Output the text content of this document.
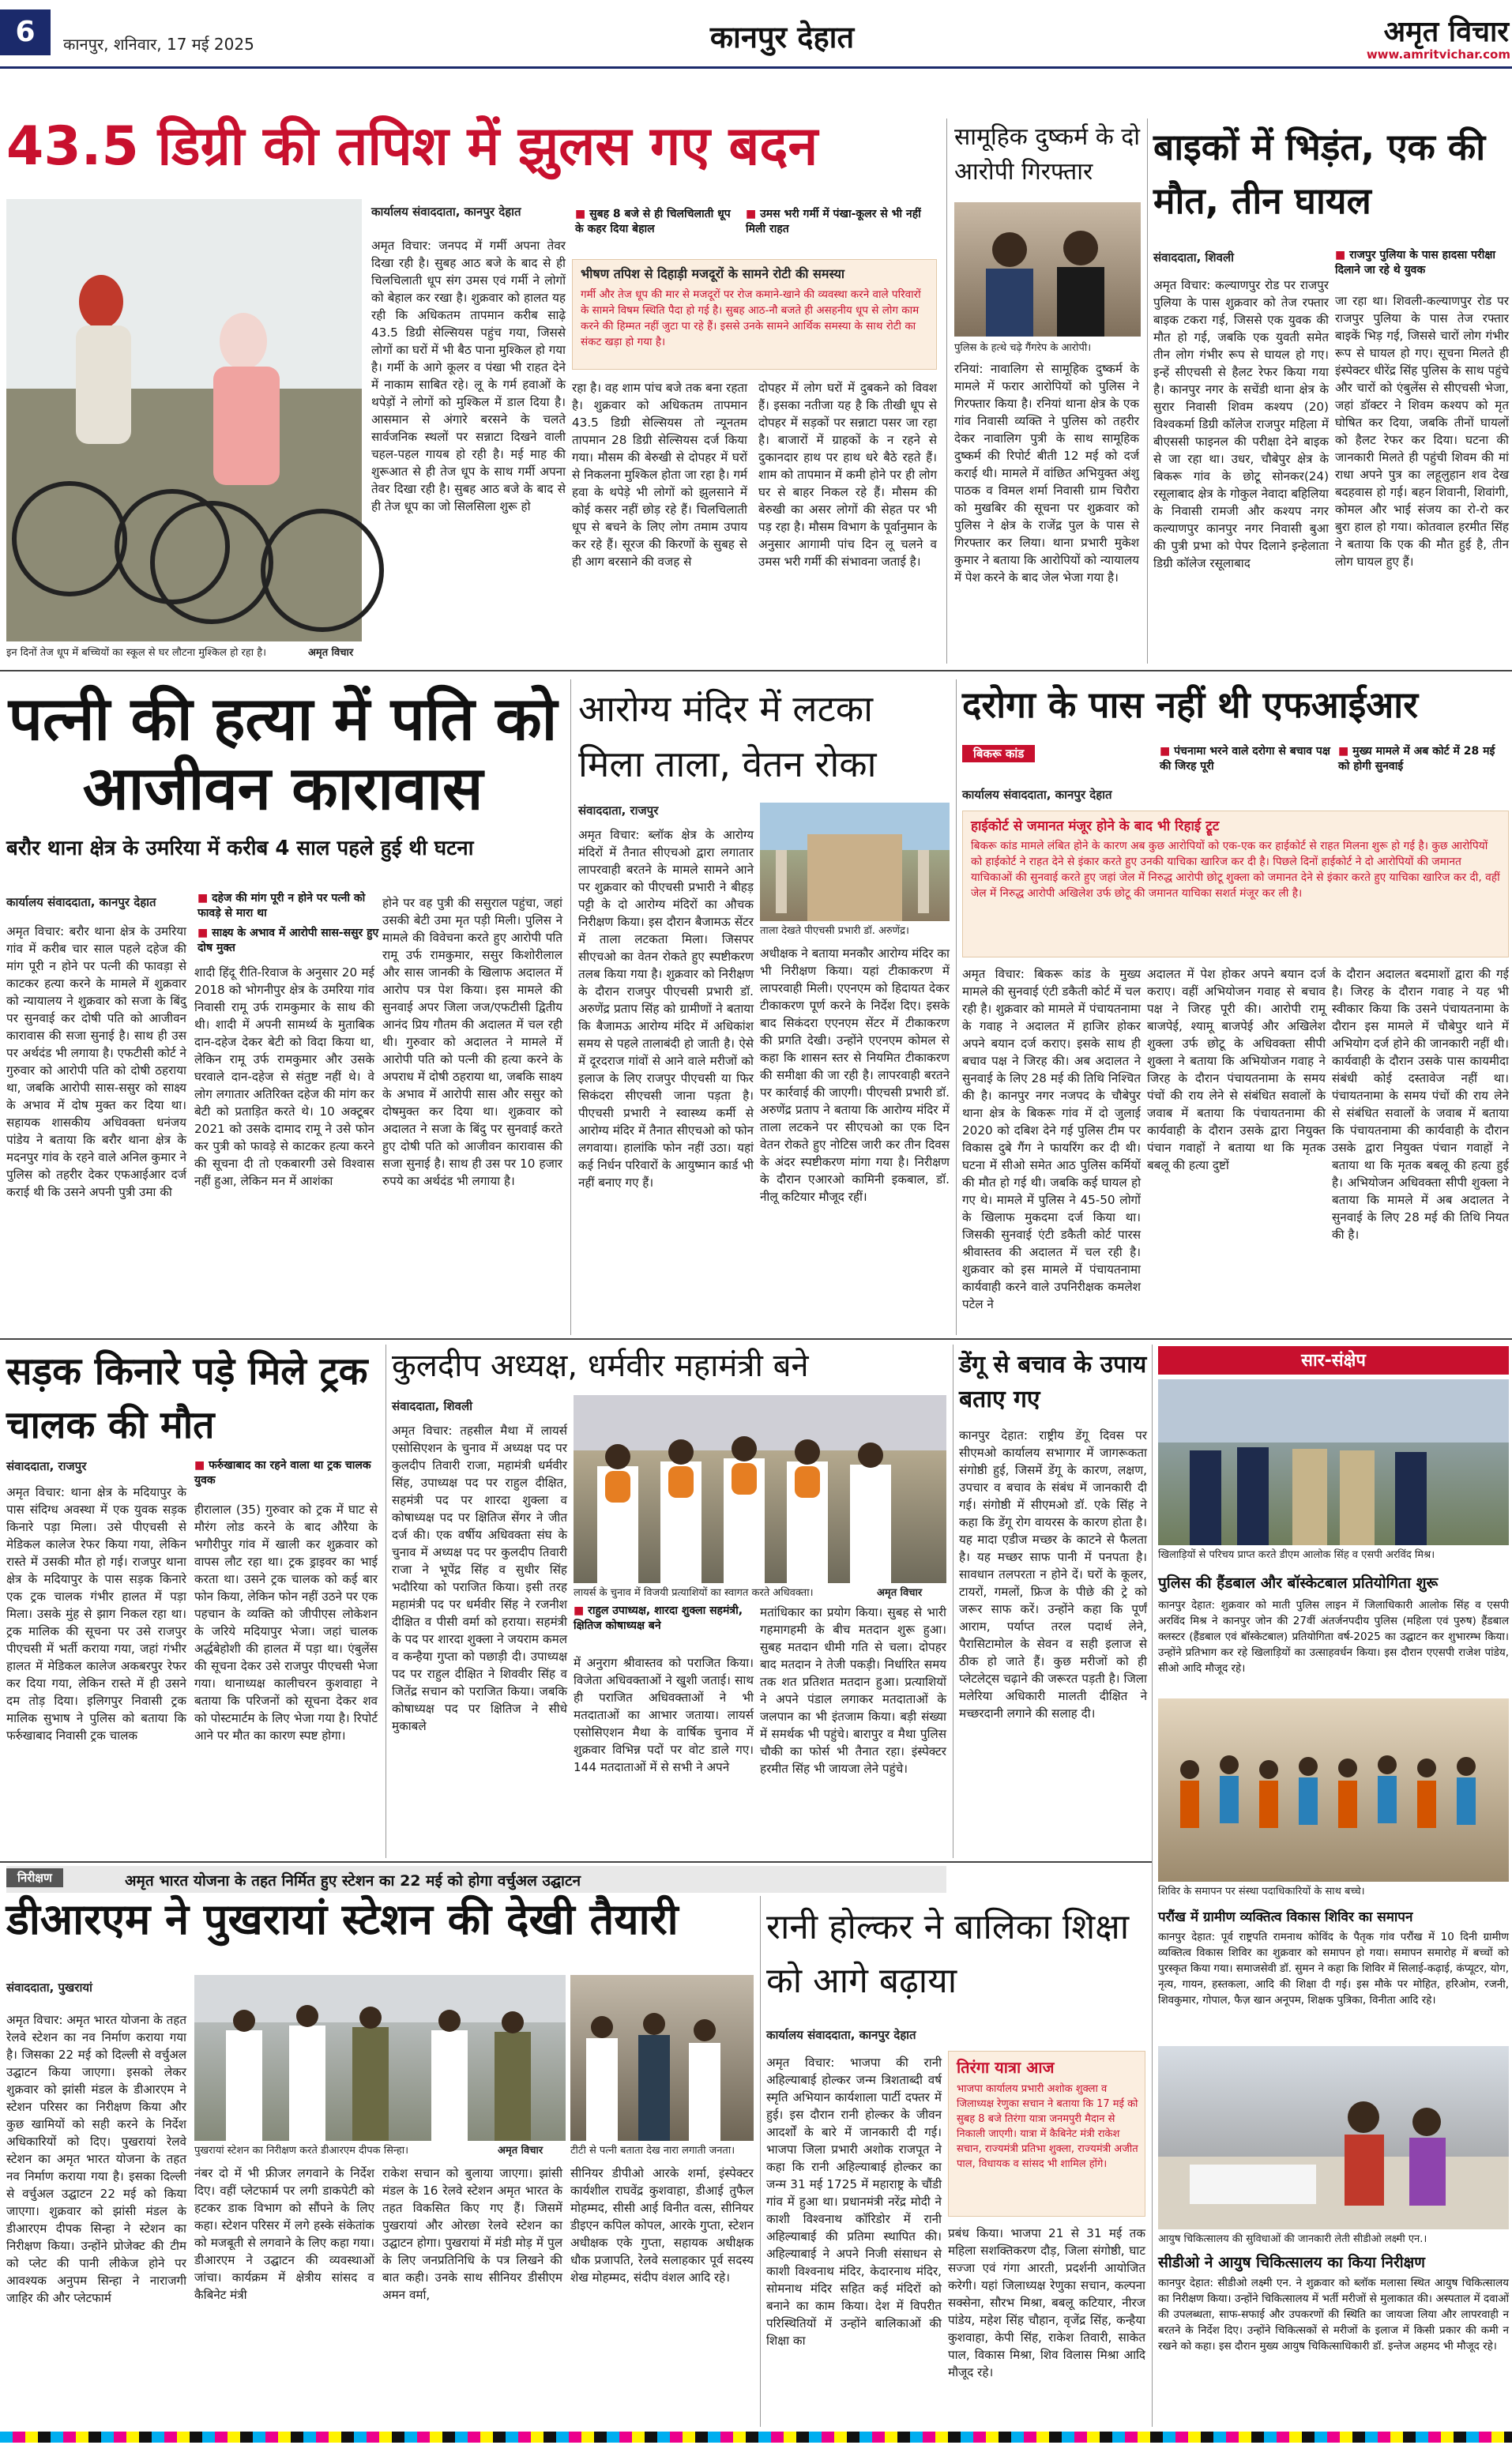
6	कानपुर, शनिवार, 17 मई 2025	कानपुर देहात	अमृत विचार
www.amritvichar.com
43.5 डिग्री की तपिश में झुलस गए बदन
इन दिनों तेज धूप में बच्चियों का स्कूल से घर लौटना मुश्किल हो रहा है।	अमृत विचार
कार्यालय संवाददाता, कानपुर देहात
अमृत विचार: जनपद में गर्मी अपना तेवर दिखा रही है। सुबह आठ बजे के बाद से ही चिलचिलाती धूप संग उमस एवं गर्मी ने लोगों को बेहाल कर रखा है। शुक्रवार को हालत यह रही कि अधिकतम तापमान करीब साढ़े 43.5 डिग्री सेल्सियस पहुंच गया, जिससे लोगों का घरों में भी बैठ पाना मुश्किल हो गया है। गर्मी के आगे कूलर व पंखा भी राहत देने में नाकाम साबित रहे। लू के गर्म हवाओं के थपेड़ों ने लोगों को मुश्किल में डाल दिया है। आसमान से अंगारे बरसने के चलते सार्वजनिक स्थलों पर सन्नाटा दिखने वाली चहल-पहल गायब हो रही है। मई माह की शुरूआत से ही तेज धूप के साथ गर्मी अपना तेवर दिखा रही है। सुबह आठ बजे के बाद से ही तेज धूप का जो सिलसिला शुरू हो
■ सुबह 8 बजे से ही चिलचिलाती धूप के कहर दिया बेहाल
■ उमस भरी गर्मी में पंखा-कूलर से भी नहीं मिली राहत
भीषण तपिश से दिहाड़ी मजदूरों के सामने रोटी की समस्या
गर्मी और तेज धूप की मार से मजदूरों पर रोज कमाने-खाने की व्यवस्था करने वाले परिवारों के सामने विषम स्थिति पैदा हो गई है। सुबह आठ-नौ बजते ही असहनीय धूप से लोग काम करने की हिम्मत नहीं जुटा पा रहे हैं। इससे उनके सामने आर्थिक समस्या के साथ रोटी का संकट खड़ा हो गया है।
रहा है। वह शाम पांच बजे तक बना रहता है। शुक्रवार को अधिकतम तापमान 43.5 डिग्री सेल्सियस तो न्यूनतम तापमान 28 डिग्री सेल्सियस दर्ज किया गया। मौसम की बेरुखी से दोपहर में घरों से निकलना मुश्किल होता जा रहा है। गर्म हवा के थपेड़े भी लोगों को झुलसाने में कोई कसर नहीं छोड़ रहे हैं। चिलचिलाती धूप से बचने के लिए लोग तमाम उपाय कर रहे हैं। सूरज की किरणों के सुबह से ही आग बरसाने की वजह से
दोपहर में लोग घरों में दुबकने को विवश हैं। इसका नतीजा यह है कि तीखी धूप से दोपहर में सड़कों पर सन्नाटा पसर जा रहा है। बाजारों में ग्राहकों के न रहने से दुकानदार हाथ पर हाथ धरे बैठे रहते हैं। शाम को तापमान में कमी होने पर ही लोग घर से बाहर निकल रहे हैं। मौसम की बेरुखी का असर लोगों की सेहत पर भी पड़ रहा है। मौसम विभाग के पूर्वानुमान के अनुसार आगामी पांच दिन लू चलने व उमस भरी गर्मी की संभावना जताई है।
सामूहिक दुष्कर्म के दो आरोपी गिरफ्तार
पुलिस के हत्थे चढ़े गैंगरेप के आरोपी।
रनियां: नावालिग से सामूहिक दुष्कर्म के मामले में फरार आरोपियों को पुलिस ने गिरफ्तार किया है। रनियां थाना क्षेत्र के एक गांव निवासी व्यक्ति ने पुलिस को तहरीर देकर नावालिग पुत्री के साथ सामूहिक दुष्कर्म की रिपोर्ट बीती 12 मई को दर्ज कराई थी। मामले में वांछित अभियुक्त अंशु पाठक व विमल शर्मा निवासी ग्राम चिरौरा को मुखबिर की सूचना पर शुक्रवार को पुलिस ने क्षेत्र के राजेंद्र पुल के पास से गिरफ्तार कर लिया। थाना प्रभारी मुकेश कुमार ने बताया कि आरोपियों को न्यायालय में पेश करने के बाद जेल भेजा गया है।
बाइकों में भिड़ंत, एक की मौत, तीन घायल
संवाददाता, शिवली	■ राजपुर पुलिया के पास हादसा परीक्षा दिलाने जा रहे थे युवक
अमृत विचार: कल्याणपुर रोड पर राजपुर पुलिया के पास शुक्रवार को तेज रफ्तार बाइक टकरा गई, जिससे एक युवक की मौत हो गई, जबकि एक युवती समेत तीन लोग गंभीर रूप से घायल हो गए। इन्हें सीएचसी से हैलट रेफर किया गया है। कानपुर नगर के सचेंडी थाना क्षेत्र के सुरार निवासी शिवम कश्यप (20) विश्वकर्मा डिग्री कॉलेज राजपुर महिला में बीएससी फाइनल की परीक्षा देने बाइक से जा रहा था। उधर, चौबेपुर क्षेत्र के बिकरू गांव के छोटू सोनकर(24) रसूलाबाद क्षेत्र के गोकुल नेवादा बहिलिया के निवासी रामजी और कश्यप नगर कल्याणपुर कानपुर नगर निवासी बुआ की पुत्री प्रभा को पेपर दिलाने इन्हेलाता डिग्री कॉलेज रसूलाबाद
जा रहा था। शिवली-कल्याणपुर रोड पर राजपुर पुलिया के पास तेज रफ्तार बाइकें भिड़ गई, जिससे चारों लोग गंभीर रूप से घायल हो गए। सूचना मिलते ही इंस्पेक्टर धीरेंद्र सिंह पुलिस के साथ पहुंचे और चारों को एंबुलेंस से सीएचसी भेजा, जहां डॉक्टर ने शिवम कश्यप को मृत घोषित कर दिया, जबकि तीनों घायलों को हैलट रेफर कर दिया। घटना की जानकारी मिलते ही पहुंची शिवम की मां राधा अपने पुत्र का लहूलुहान शव देख बदहवास हो गई। बहन शिवानी, शिवांगी, कोमल और भाई संजय का रो-रो कर बुरा हाल हो गया। कोतवाल हरमीत सिंह ने बताया कि एक की मौत हुई है, तीन लोग घायल हुए हैं।
पत्नी की हत्या में पति को आजीवन कारावास
बरौर थाना क्षेत्र के उमरिया में करीब 4 साल पहले हुई थी घटना
कार्यालय संवाददाता, कानपुर देहात	■ दहेज की मांग पूरी न होने पर पत्नी को फावड़े से मारा था
■ साक्ष्य के अभाव में आरोपी सास-ससुर हुए दोष मुक्त
अमृत विचार: बरौर थाना क्षेत्र के उमरिया गांव में करीब चार साल पहले दहेज की मांग पूरी न होने पर पत्नी की फावड़ा से काटकर हत्या करने के मामले में शुक्रवार को न्यायालय ने शुक्रवार को सजा के बिंदु पर सुनवाई कर दोषी पति को आजीवन कारावास की सजा सुनाई है। साथ ही उस पर अर्थदंड भी लगाया है। एफटीसी कोर्ट ने गुरुवार को आरोपी पति को दोषी ठहराया था, जबकि आरोपी सास-ससुर को साक्ष्य के अभाव में दोष मुक्त कर दिया था। सहायक शासकीय अधिवक्ता धनंजय पांडेय ने बताया कि बरौर थाना क्षेत्र के मदनपुर गांव के रहने वाले अनिल कुमार ने पुलिस को तहरीर देकर एफआईआर दर्ज कराई थी कि उसने अपनी पुत्री उमा की
शादी हिंदू रीति-रिवाज के अनुसार 20 मई 2018 को भोगनीपुर क्षेत्र के उमरिया गांव निवासी रामू उर्फ रामकुमार के साथ की थी। शादी में अपनी सामर्थ्य के मुताबिक दान-दहेज देकर बेटी को विदा किया था, लेकिन रामू उर्फ रामकुमार और उसके घरवाले दान-दहेज से संतुष्ट नहीं थे। वे लोग लगातार अतिरिक्त दहेज की मांग कर बेटी को प्रताड़ित करते थे। 10 अक्टूबर 2021 को उसके दामाद रामू ने उसे फोन कर पुत्री को फावड़े से काटकर हत्या करने की सूचना दी तो एकबारगी उसे विश्वास नहीं हुआ, लेकिन मन में आशंका
होने पर वह पुत्री की ससुराल पहुंचा, जहां उसकी बेटी उमा मृत पड़ी मिली। पुलिस ने मामले की विवेचना करते हुए आरोपी पति रामू उर्फ रामकुमार, ससुर किशोरीलाल और सास जानकी के खिलाफ अदालत में आरोप पत्र पेश किया। इस मामले की सुनवाई अपर जिला जज/एफटीसी द्वितीय आनंद प्रिय गौतम की अदालत में चल रही थी। गुरुवार को अदालत ने मामले में आरोपी पति को पत्नी की हत्या करने के अपराध में दोषी ठहराया था, जबकि साक्ष्य के अभाव में आरोपी सास और ससुर को दोषमुक्त कर दिया था। शुक्रवार को अदालत ने सजा के बिंदु पर सुनवाई करते हुए दोषी पति को आजीवन कारावास की सजा सुनाई है। साथ ही उस पर 10 हजार रुपये का अर्थदंड भी लगाया है।
आरोग्य मंदिर में लटका मिला ताला, वेतन रोका
संवाददाता, राजपुर
ताला देखते पीएचसी प्रभारी डॉ. अरुणेंद्र।
अमृत विचार: ब्लॉक क्षेत्र के आरोग्य मंदिरों में तैनात सीएचओ द्वारा लगातार लापरवाही बरतने के मामले सामने आने पर शुक्रवार को पीएचसी प्रभारी ने बीहड़ पट्टी के दो आरोग्य मंदिरों का औचक निरीक्षण किया। इस दौरान बैजामऊ सेंटर में ताला लटकता मिला। जिसपर सीएचओ का वेतन रोकते हुए स्पष्टीकरण तलब किया गया है। शुक्रवार को निरीक्षण के दौरान राजपुर पीएचसी प्रभारी डॉ. अरुणेंद्र प्रताप सिंह को ग्रामीणों ने बताया कि बैजामऊ आरोग्य मंदिर में अधिकांश समय से पहले तालाबंदी हो जाती है। ऐसे में दूरदराज गांवों से आने वाले मरीजों को इलाज के लिए राजपुर पीएचसी या फिर सिकंदरा सीएचसी जाना पड़ता है। पीएचसी प्रभारी ने स्वास्थ्य कर्मी से आरोग्य मंदिर में तैनात सीएचओ को फोन लगवाया। हालांकि फोन नहीं उठा। यहां कई निर्धन परिवारों के आयुष्मान कार्ड भी नहीं बनाए गए हैं।
अधीक्षक ने बताया मनकौर आरोग्य मंदिर का भी निरीक्षण किया। यहां टीकाकरण में लापरवाही मिली। एएनएम को हिदायत देकर टीकाकरण पूर्ण करने के निर्देश दिए। इसके बाद सिकंदरा एएनएम सेंटर में टीकाकरण की प्रगति देखी। उन्होंने एएनएम कोमल से कहा कि शासन स्तर से नियमित टीकाकरण की समीक्षा की जा रही है। लापरवाही बरतने पर कार्रवाई की जाएगी। पीएचसी प्रभारी डॉ. अरुणेंद्र प्रताप ने बताया कि आरोग्य मंदिर में ताला लटकने पर सीएचओ का एक दिन वेतन रोकते हुए नोटिस जारी कर तीन दिवस के अंदर स्पष्टीकरण मांगा गया है। निरीक्षण के दौरान एआरओ कामिनी इकबाल, डॉ. नीलू कटियार मौजूद रहीं।
दरोगा के पास नहीं थी एफआईआर
बिकरू कांड	■ पंचनामा भरने वाले दरोगा से बचाव पक्ष की जिरह पूरी
■ मुख्य मामले में अब कोर्ट में 28 मई को होगी सुनवाई
कार्यालय संवाददाता, कानपुर देहात
हाईकोर्ट से जमानत मंजूर होने के बाद भी रिहाई ट्रूट
बिकरू कांड मामले लंबित होने के कारण अब कुछ आरोपियों को एक-एक कर हाईकोर्ट से राहत मिलना शुरू हो गई है। कुछ आरोपियों को हाईकोर्ट ने राहत देने से इंकार करते हुए उनकी याचिका खारिज कर दी है। पिछले दिनों हाईकोर्ट ने दो आरोपियों की जमानत याचिकाओं की सुनवाई करते हुए जहां जेल में निरुद्ध आरोपी छोटू शुक्ला को जमानत देने से इंकार करते हुए याचिका खारिज कर दी, वहीं जेल में निरुद्ध आरोपी अखिलेश उर्फ छोटू की जमानत याचिका सशर्त मंजूर कर ली है।
अमृत विचार: बिकरू कांड के मुख्य मामले की सुनवाई एंटी डकैती कोर्ट में चल रही है। शुक्रवार को मामले में पंचायतनामा के गवाह ने अदालत में हाजिर होकर अपने बयान दर्ज कराए। इसके साथ ही बचाव पक्ष ने जिरह की। अब अदालत ने सुनवाई के लिए 28 मई की तिथि निश्चित की है। कानपुर नगर नजपद के चौबेपुर थाना क्षेत्र के बिकरू गांव में दो जुलाई 2020 को दबिश देने गई पुलिस टीम पर विकास दुबे गैंग ने फायरिंग कर दी थी। घटना में सीओ समेत आठ पुलिस कर्मियों की मौत हो गई थी। जबकि कई घायल हो गए थे। मामले में पुलिस ने 45-50 लोगों के खिलाफ मुकदमा दर्ज किया था। जिसकी सुनवाई एंटी डकैती कोर्ट पारस श्रीवास्तव की अदालत में चल रही है। शुक्रवार को इस मामले में पंचायतनामा कार्यवाही करने वाले उपनिरीक्षक कमलेश पटेल ने
अदालत में पेश होकर अपने बयान दर्ज कराए। वहीं अभियोजन गवाह से बचाव पक्ष ने जिरह पूरी की। आरोपी रामू बाजपेई, श्यामू बाजपेई और अखिलेश शुक्ला उर्फ छोटू के अधिवक्ता सीपी शुक्ला ने बताया कि अभियोजन गवाह ने जिरह के दौरान पंचायतनामा के समय पंचों की राय लेने से संबंधित सवालों के जवाब में बताया कि पंचायतनामा की कार्यवाही के दौरान उसके द्वारा नियुक्त पंचान गवाहों ने बताया था कि मृतक बबलू की हत्या दुष्टों
के दौरान अदालत बदमाशों द्वारा की गई है। जिरह के दौरान गवाह ने यह भी स्वीकार किया कि उसने पंचायतनामा के दौरान इस मामले में चौबेपुर थाने में अभियोग दर्ज होने की जानकारी नहीं थी। कार्यवाही के दौरान उसके पास कायमीदा संबंधी कोई दस्तावेज नहीं था। पंचायतनामा के समय पंचों की राय लेने से संबंधित सवालों के जवाब में बताया कि पंचायतनामा की कार्यवाही के दौरान उसके द्वारा नियुक्त पंचान गवाहों ने बताया था कि मृतक बबलू की हत्या हुई है। अभियोजन अधिवक्ता सीपी शुक्ला ने बताया कि मामले में अब अदालत ने सुनवाई के लिए 28 मई की तिथि नियत की है।
सड़क किनारे पड़े मिले ट्रक चालक की मौत
संवाददाता, राजपुर	■ फर्रुखाबाद का रहने वाला था ट्रक चालक युवक
अमृत विचार: थाना क्षेत्र के मदियापुर के पास संदिग्ध अवस्था में एक युवक सड़क किनारे पड़ा मिला। उसे पीएचसी से मेडिकल कालेज रेफर किया गया, लेकिन रास्ते में उसकी मौत हो गई। राजपुर थाना क्षेत्र के मदियापुर के पास सड़क किनारे एक ट्रक चालक गंभीर हालत में पड़ा मिला। उसके मुंह से झाग निकल रहा था। ट्रक मालिक की सूचना पर उसे राजपुर पीएचसी में भर्ती कराया गया, जहां गंभीर हालत में मेडिकल कालेज अकबरपुर रेफर कर दिया गया, लेकिन रास्ते में ही उसने दम तोड़ दिया। इलिगपुर निवासी ट्रक मालिक सुभाष ने पुलिस को बताया कि फर्रुखाबाद निवासी ट्रक चालक
हीरालाल (35) गुरुवार को ट्रक में घाट से मौरंग लोड करने के बाद औरैया के भगौरीपुर गांव में खाली कर शुक्रवार को वापस लौट रहा था। ट्रक ड्राइवर का भाई करता था। उसने ट्रक चालक को कई बार फोन किया, लेकिन फोन नहीं उठने पर एक पहचान के व्यक्ति को जीपीएस लोकेशन के जरिये मदियापुर भेजा। जहां चालक अर्द्धबेहोशी की हालत में पड़ा था। एंबुलेंस की सूचना देकर उसे राजपुर पीएचसी भेजा गया। थानाध्यक्ष कालीचरन कुशवाहा ने बताया कि परिजनों को सूचना देकर शव को पोस्टमार्टम के लिए भेजा गया है। रिपोर्ट आने पर मौत का कारण स्पष्ट होगा।
कुलदीप अध्यक्ष, धर्मवीर महामंत्री बने
संवाददाता, शिवली
अमृत विचार: तहसील मैथा में लायर्स एसोसिएशन के चुनाव में अध्यक्ष पद पर कुलदीप तिवारी राजा, महामंत्री धर्मवीर सिंह, उपाध्यक्ष पद पर राहुल दीक्षित, सहमंत्री पद पर शारदा शुक्ला व कोषाध्यक्ष पद पर क्षितिज सेंगर ने जीत दर्ज की। एक वर्षीय अधिवक्ता संघ के चुनाव में अध्यक्ष पद पर कुलदीप तिवारी राजा ने भूपेंद्र सिंह व सुधीर सिंह भदौरिया को पराजित किया। इसी तरह महामंत्री पद पर धर्मवीर सिंह ने रजनीश दीक्षित व पीसी वर्मा को हराया। सहमंत्री के पद पर शारदा शुक्ला ने जयराम कमल व कन्हैया गुप्ता को पछाड़ी दी। उपाध्यक्ष पद पर राहुल दीक्षित ने शिववीर सिंह व जितेंद्र सचान को पराजित किया। जबकि कोषाध्यक्ष पद पर क्षितिज ने सीधे मुकाबले
लायर्स के चुनाव में विजयी प्रत्याशियों का स्वागत करते अधिवक्ता।	अमृत विचार
■ राहुल उपाध्यक्ष, शारदा शुक्ला सहमंत्री, क्षितिज कोषाध्यक्ष बने
में अनुराग श्रीवास्तव को पराजित किया। विजेता अधिवक्ताओं ने खुशी जताई। साथ ही पराजित अधिवक्ताओं ने भी मतदाताओं का आभार जताया। लायर्स एसोसिएशन मैथा के वार्षिक चुनाव में शुक्रवार विभिन्न पदों पर वोट डाले गए। 144 मतदाताओं में से सभी ने अपने
मतांधिकार का प्रयोग किया। सुबह से भारी गहमागहमी के बीच मतदान शुरू हुआ। सुबह मतदान धीमी गति से चला। दोपहर बाद मतदान ने तेजी पकड़ी। निर्धारित समय तक शत प्रतिशत मतदान हुआ। प्रत्याशियों ने अपने पंडाल लगाकर मतदाताओं के जलपान का भी इंतजाम किया। बड़ी संख्या में समर्थक भी पहुंचे। बारापुर व मैथा पुलिस चौकी का फोर्स भी तैनात रहा। इंस्पेक्टर हरमीत सिंह भी जायजा लेने पहुंचे।
डेंगू से बचाव के उपाय बताए गए
कानपुर देहात: राष्ट्रीय डेंगू दिवस पर सीएमओ कार्यालय सभागार में जागरूकता संगोष्ठी हुई, जिसमें डेंगू के कारण, लक्षण, उपचार व बचाव के संबंध में जानकारी दी गई। संगोष्ठी में सीएमओ डॉ. एके सिंह ने कहा कि डेंगू रोग वायरस के कारण होता है। यह मादा एडीज मच्छर के काटने से फैलता है। यह मच्छर साफ पानी में पनपता है। सावधान तलपरता न होने दें। घरों के कूलर, टायरों, गमलों, फ्रिज के पीछे की ट्रे को जरूर साफ करें। उन्होंने कहा कि पूर्णं आराम, पर्याप्त तरल पदार्थ लेने, पैरासिटामोल के सेवन व सही इलाज से ठीक हो जाते हैं। कुछ मरीजों को ही प्लेटलेट्स चढ़ाने की जरूरत पड़ती है। जिला मलेरिया अधिकारी मालती दीक्षित ने मच्छरदानी लगाने की सलाह दी।
सार-संक्षेप
खिलाड़ियों से परिचय प्राप्त करते डीएम आलोक सिंह व एसपी अरविंद मिश्र।
पुलिस की हैंडबाल और बॉस्केटबाल प्रतियोगिता शुरू
कानपुर देहात: शुक्रवार को माती पुलिस लाइन में जिलाधिकारी आलोक सिंह व एसपी अरविंद मिश्र ने कानपुर जोन की 27वीं अंतर्जनपदीय पुलिस (महिला एवं पुरुष) हैंडबाल क्लस्टर (हैंडबाल एवं बॉस्केटबाल) प्रतियोगिता वर्ष-2025 का उद्घाटन कर शुभारम्भ किया। उन्होंने प्रतिभाग कर रहे खिलाड़ियों का उत्साहवर्धन किया। इस दौरान एएसपी राजेश पांडेय, सीओ आदि मौजूद रहे।
शिविर के समापन पर संस्था पदाधिकारियों के साथ बच्चे।
परौंख में ग्रामीण व्यक्तित्व विकास शिविर का समापन
कानपुर देहात: पूर्व राष्ट्रपति रामनाथ कोविंद के पैतृक गांव परौंख में 10 दिनी ग्रामीण व्यक्तित्व विकास शिविर का शुक्रवार को समापन हो गया। समापन समारोह में बच्चों को पुरस्कृत किया गया। समाजसेवी डॉ. सुमन ने कहा कि शिविर में सिलाई-कढ़ाई, कंप्यूटर, योग, नृत्य, गायन, हस्तकला, आदि की शिक्षा दी गई। इस मौके पर मोहित, हरिओम, रजनी, शिवकुमार, गोपाल, फैज़ खान अनूपम, शिक्षक पुत्रिका, विनीता आदि रहे।
आयुष चिकित्सालय की सुविधाओं की जानकारी लेती सीडीओ लक्ष्मी एन.।
सीडीओ ने आयुष चिकित्सालय का किया निरीक्षण
कानपुर देहात: सीडीओ लक्ष्मी एन. ने शुक्रवार को ब्लॉक मलासा स्थित आयुष चिकित्सालय का निरीक्षण किया। उन्होंने चिकित्सालय में भर्ती मरीजों से मुलाकात की। अस्पताल में दवाओं की उपलब्धता, साफ-सफाई और उपकरणों की स्थिति का जायजा लिया और लापरवाही न बरतने के निर्देश दिए। उन्होंने चिकित्सकों से मरीजों के इलाज में किसी प्रकार की कमी न रखने को कहा। इस दौरान मुख्य आयुष चिकित्साधिकारी डॉ. इन्तेज अहमद भी मौजूद रहे।
निरीक्षण	अमृत भारत योजना के तहत निर्मित हुए स्टेशन का 22 मई को होगा वर्चुअल उद्घाटन
डीआरएम ने पुखरायां स्टेशन की देखी तैयारी
संवाददाता, पुखरायां
अमृत विचार: अमृत भारत योजना के तहत रेलवे स्टेशन का नव निर्माण कराया गया है। जिसका 22 मई को दिल्ली से वर्चुअल उद्घाटन किया जाएगा। इसको लेकर शुक्रवार को झांसी मंडल के डीआरएम ने स्टेशन परिसर का निरीक्षण किया और कुछ खामियों को सही करने के निर्देश अधिकारियों को दिए। पुखरायां रेलवे स्टेशन का अमृत भारत योजना के तहत नव निर्माण कराया गया है। इसका दिल्ली से वर्चुअल उद्घाटन 22 मई को किया जाएगा। शुक्रवार को झांसी मंडल के डीआरएम दीपक सिन्हा ने स्टेशन का निरीक्षण किया। उन्होंने प्रोजेक्ट की टीम को प्लेट की पानी लीकेज होने पर आवश्यक अनुपम सिन्हा ने नाराजगी जाहिर की और प्लेटफार्म
पुखरायां स्टेशन का निरीक्षण करते डीआरएम दीपक सिन्हा।	अमृत विचार	टीटी से पत्नी बताता देख नारा लगाती जनता।
नंबर दो में भी फ्रीजर लगवाने के निर्देश दिए। वहीं प्लेटफार्म पर लगी डाकपेटी को हटकर डाक विभाग को सौंपने के लिए कहा। स्टेशन परिसर में लगे हस्के संकेतांक को मजबूती से लगवाने के लिए कहा गया। डीआरएम ने उद्घाटन की व्यवस्थाओं जांचा। कार्यक्रम में क्षेत्रीय सांसद व कैबिनेट मंत्री
राकेश सचान को बुलाया जाएगा। झांसी मंडल के 16 रेलवे स्टेशन अमृत भारत के तहत विकसित किए गए हैं। जिसमें पुखरायां और ओरछा रेलवे स्टेशन का उद्घाटन होगा। पुखरायां में मंडी मोड़ में पुल के लिए जनप्रतिनिधि के पत्र लिखने की बात कही। उनके साथ सीनियर डीसीएम अमन वर्मा,
सीनियर डीपीओ आरके शर्मा, इंस्पेक्टर कार्यशील राघवेंद्र कुशवाहा, डीआई तुफैल मोहम्मद, सीसी आई विनीत वत्स, सीनियर डीइएन कपिल कोपल, आरके गुप्ता, स्टेशन अधीक्षक एके गुप्ता, सहायक अधीक्षक धौक प्रजापति, रेलवे सलाहकार पूर्व सदस्य शेख मोहम्मद, संदीप वंशल आदि रहे।
रानी होल्कर ने बालिका शिक्षा को आगे बढ़ाया
कार्यालय संवाददाता, कानपुर देहात
तिरंगा यात्रा आज
भाजपा कार्यालय प्रभारी अशोक शुक्ला व जिलाध्यक्ष रेणुका सचान ने बताया कि 17 मई को सुबह 8 बजे तिरंगा यात्रा जनमपुरी मैदान से निकाली जाएगी। यात्रा में कैबिनेट मंत्री राकेश सचान, राज्यमंत्री प्रतिभा शुक्ला, राज्यमंत्री अजीत पाल, विधायक व सांसद भी शामिल होंगे।
अमृत विचार: भाजपा की रानी अहिल्याबाई होल्कर जन्म त्रिशताब्दी वर्ष स्मृति अभियान कार्यशाला पार्टी दफ्तर में हुई। इस दौरान रानी होल्कर के जीवन आदर्शों के बारे में जानकारी दी गई। भाजपा जिला प्रभारी अशोक राजपूत ने कहा कि रानी अहिल्याबाई होल्कर का जन्म 31 मई 1725 में महाराष्ट्र के चौंडी गांव में हुआ था। प्रधानमंत्री नरेंद्र मोदी ने काशी विश्वनाथ कॉरिडोर में रानी अहिल्याबाई की प्रतिमा स्थापित की। अहिल्याबाई ने अपने निजी संसाधन से काशी विश्वनाथ मंदिर, केदारनाथ मंदिर, सोमनाथ मंदिर सहित कई मंदिरों को बनाने का काम किया। देश में विपरीत परिस्थितियों में उन्होंने बालिकाओं की शिक्षा का
प्रबंध किया। भाजपा 21 से 31 मई तक महिला सशक्तिकरण दौड़, जिला संगोष्ठी, घाट सज्जा एवं गंगा आरती, प्रदर्शनी आयोजित करेगी। यहां जिलाध्यक्ष रेणुका सचान, कल्पना सक्सेना, सौरभ मिश्रा, बबलू कटियार, नीरज पांडेय, महेश सिंह चौहान, वृजेंद्र सिंह, कन्हैया कुशवाहा, केपी सिंह, राकेश तिवारी, साकेत पाल, विकास मिश्रा, शिव विलास मिश्रा आदि मौजूद रहे।
